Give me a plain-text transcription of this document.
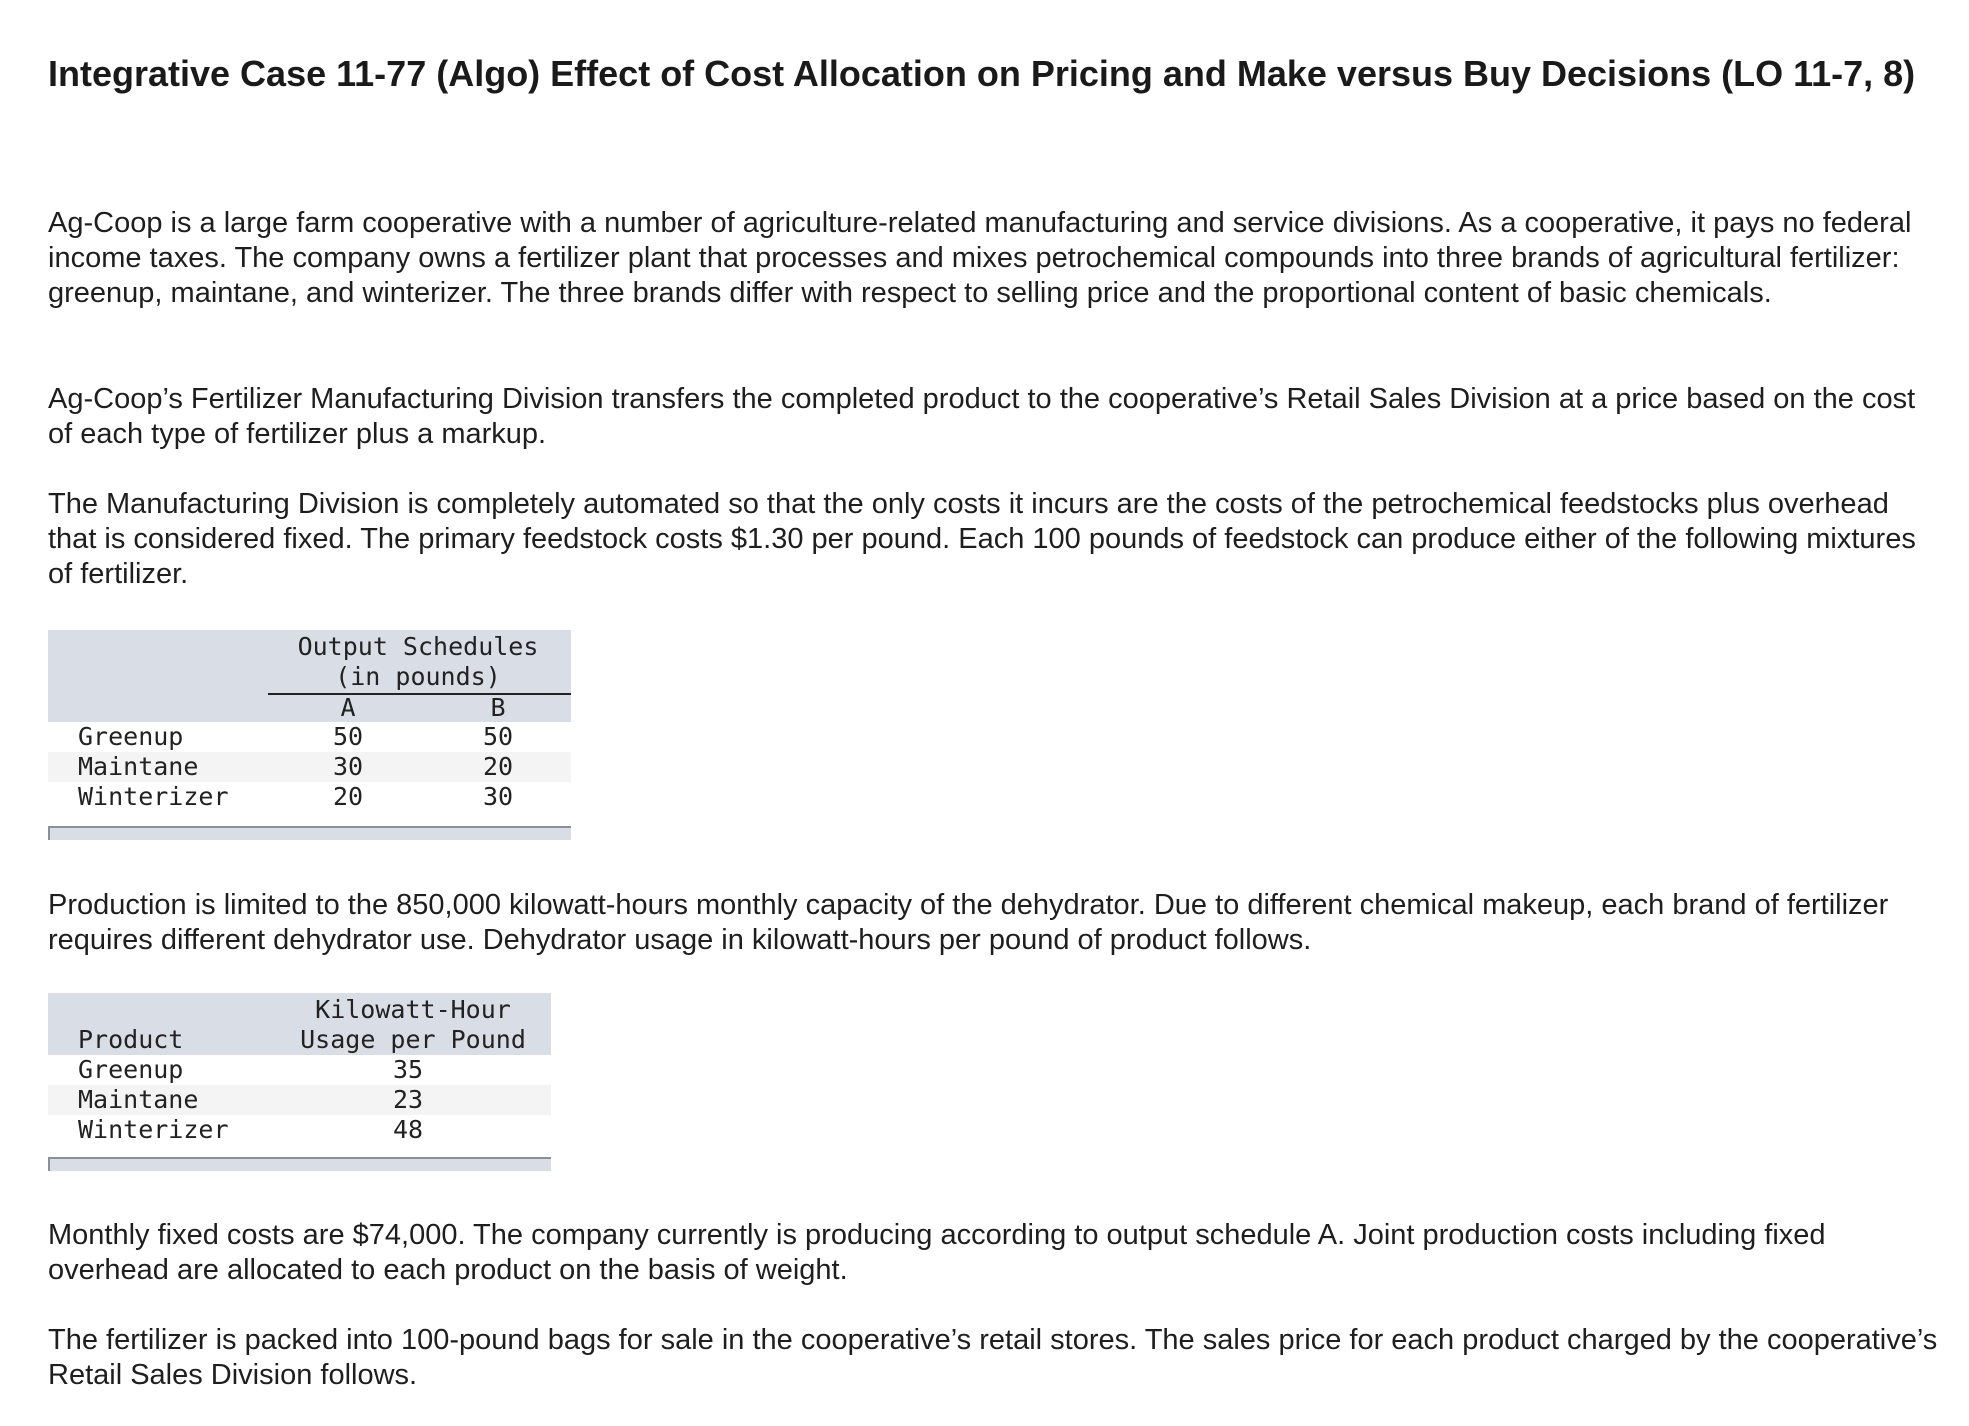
Integrative Case 11-77 (Algo) Effect of Cost Allocation on Pricing and Make versus Buy Decisions (LO 11-7, 8)

Ag-Coop is a large farm cooperative with a number of agriculture-related manufacturing and service divisions. As a cooperative, it pays no federal income taxes. The company owns a fertilizer plant that processes and mixes petrochemical compounds into three brands of agricultural fertilizer: greenup, maintane, and winterizer. The three brands differ with respect to selling price and the proportional content of basic chemicals.

Ag-Coop’s Fertilizer Manufacturing Division transfers the completed product to the cooperative’s Retail Sales Division at a price based on the cost of each type of fertilizer plus a markup.

The Manufacturing Division is completely automated so that the only costs it incurs are the costs of the petrochemical feedstocks plus overhead that is considered fixed. The primary feedstock costs $1.30 per pound. Each 100 pounds of feedstock can produce either of the following mixtures of fertilizer.

Output Schedules
(in pounds)
A	B
Greenup	50	50
Maintane	30	20
Winterizer	20	30

Production is limited to the 850,000 kilowatt-hours monthly capacity of the dehydrator. Due to different chemical makeup, each brand of fertilizer requires different dehydrator use. Dehydrator usage in kilowatt-hours per pound of product follows.

Kilowatt-Hour
Product	Usage per Pound
Greenup	35
Maintane	23
Winterizer	48

Monthly fixed costs are $74,000. The company currently is producing according to output schedule A. Joint production costs including fixed overhead are allocated to each product on the basis of weight.

The fertilizer is packed into 100-pound bags for sale in the cooperative’s retail stores. The sales price for each product charged by the cooperative’s Retail Sales Division follows.
